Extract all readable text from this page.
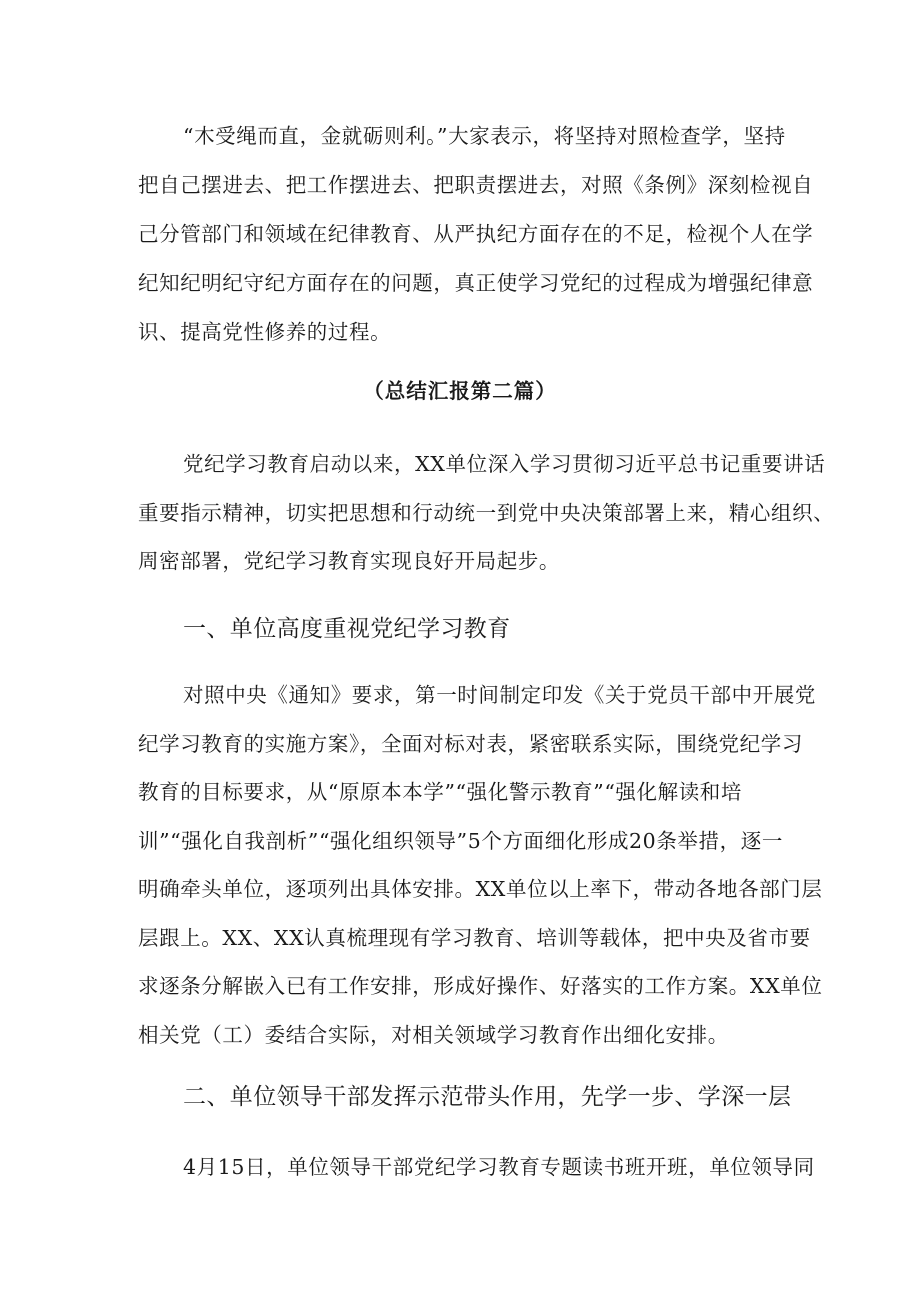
“木受绳而直，金就砺则利。”大家表示，将坚持对照检查学，坚持
把自己摆进去、把工作摆进去、把职责摆进去，对照《条例》深刻检视自
己分管部门和领域在纪律教育、从严执纪方面存在的不足，检视个人在学
纪知纪明纪守纪方面存在的问题，真正使学习党纪的过程成为增强纪律意
识、提高党性修养的过程。
（总结汇报第二篇）
党纪学习教育启动以来，XX单位深入学习贯彻习近平总书记重要讲话
重要指示精神，切实把思想和行动统一到党中央决策部署上来，精心组织、
周密部署，党纪学习教育实现良好开局起步。
一、单位高度重视党纪学习教育
对照中央《通知》要求，第一时间制定印发《关于党员干部中开展党
纪学习教育的实施方案》，全面对标对表，紧密联系实际，围绕党纪学习
教育的目标要求，从“原原本本学”“强化警示教育”“强化解读和培
训”“强化自我剖析”“强化组织领导”5个方面细化形成20条举措，逐一
明确牵头单位，逐项列出具体安排。XX单位以上率下，带动各地各部门层
层跟上。XX、XX认真梳理现有学习教育、培训等载体，把中央及省市要
求逐条分解嵌入已有工作安排，形成好操作、好落实的工作方案。XX单位
相关党（工）委结合实际，对相关领域学习教育作出细化安排。
二、单位领导干部发挥示范带头作用，先学一步、学深一层
4月15日，单位领导干部党纪学习教育专题读书班开班，单位领导同
